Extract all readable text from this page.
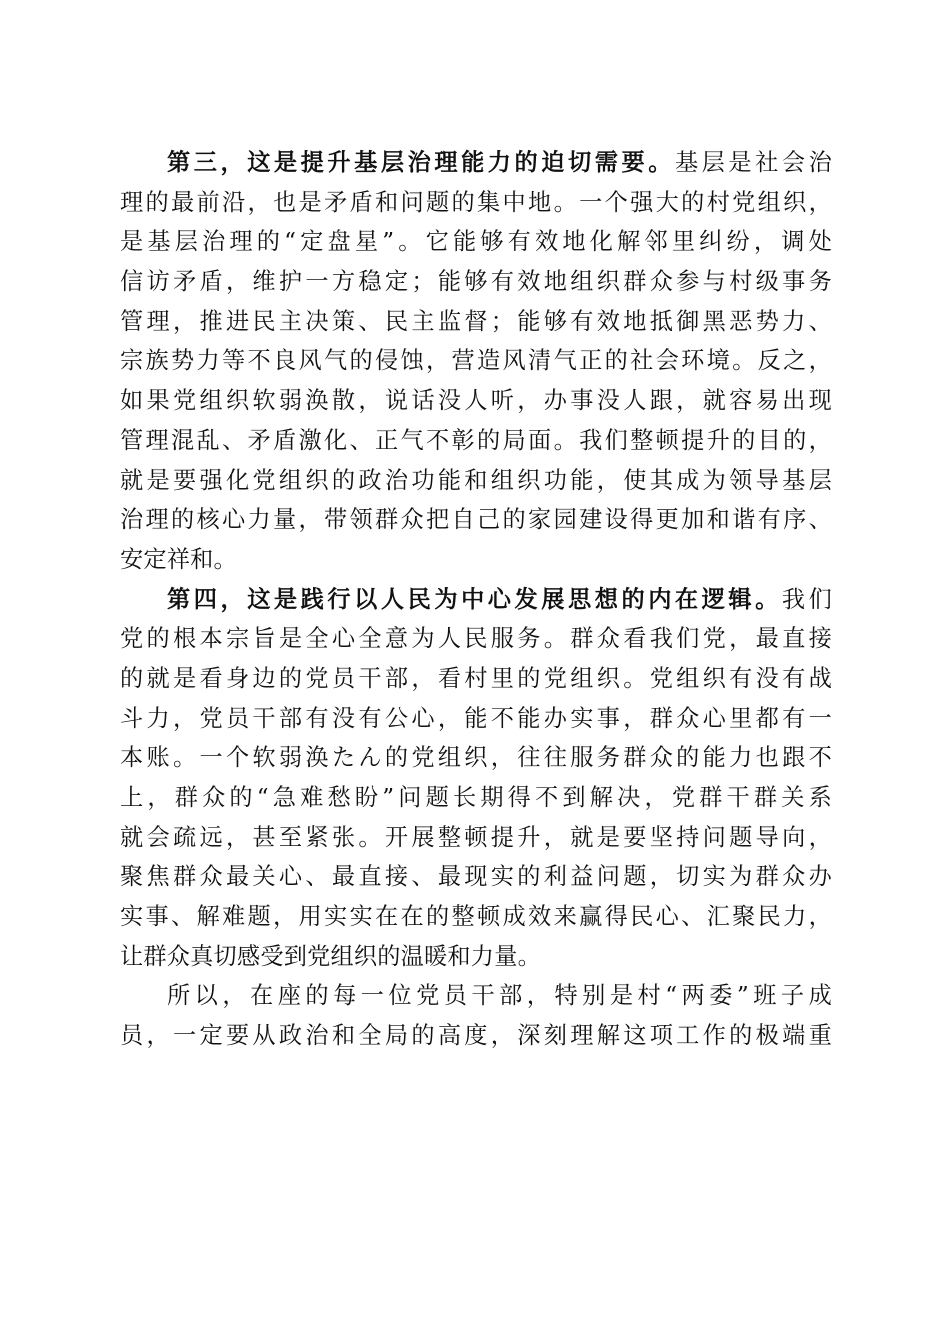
第三，这是提升基层治理能力的迫切需要。基层是社会治
理的最前沿，也是矛盾和问题的集中地。一个强大的村党组织，
是基层治理的“定盘星”。它能够有效地化解邻里纠纷，调处
信访矛盾，维护一方稳定；能够有效地组织群众参与村级事务
管理，推进民主决策、民主监督；能够有效地抵御黑恶势力、
宗族势力等不良风气的侵蚀，营造风清气正的社会环境。反之，
如果党组织软弱涣散，说话没人听，办事没人跟，就容易出现
管理混乱、矛盾激化、正气不彰的局面。我们整顿提升的目的，
就是要强化党组织的政治功能和组织功能，使其成为领导基层
治理的核心力量，带领群众把自己的家园建设得更加和谐有序、
安定祥和。
第四，这是践行以人民为中心发展思想的内在逻辑。我们
党的根本宗旨是全心全意为人民服务。群众看我们党，最直接
的就是看身边的党员干部，看村里的党组织。党组织有没有战
斗力，党员干部有没有公心，能不能办实事，群众心里都有一
本账。一个软弱涣たん的党组织，往往服务群众的能力也跟不
上，群众的“急难愁盼”问题长期得不到解决，党群干群关系
就会疏远，甚至紧张。开展整顿提升，就是要坚持问题导向，
聚焦群众最关心、最直接、最现实的利益问题，切实为群众办
实事、解难题，用实实在在的整顿成效来赢得民心、汇聚民力，
让群众真切感受到党组织的温暖和力量。
所以，在座的每一位党员干部，特别是村“两委”班子成
员，一定要从政治和全局的高度，深刻理解这项工作的极端重
